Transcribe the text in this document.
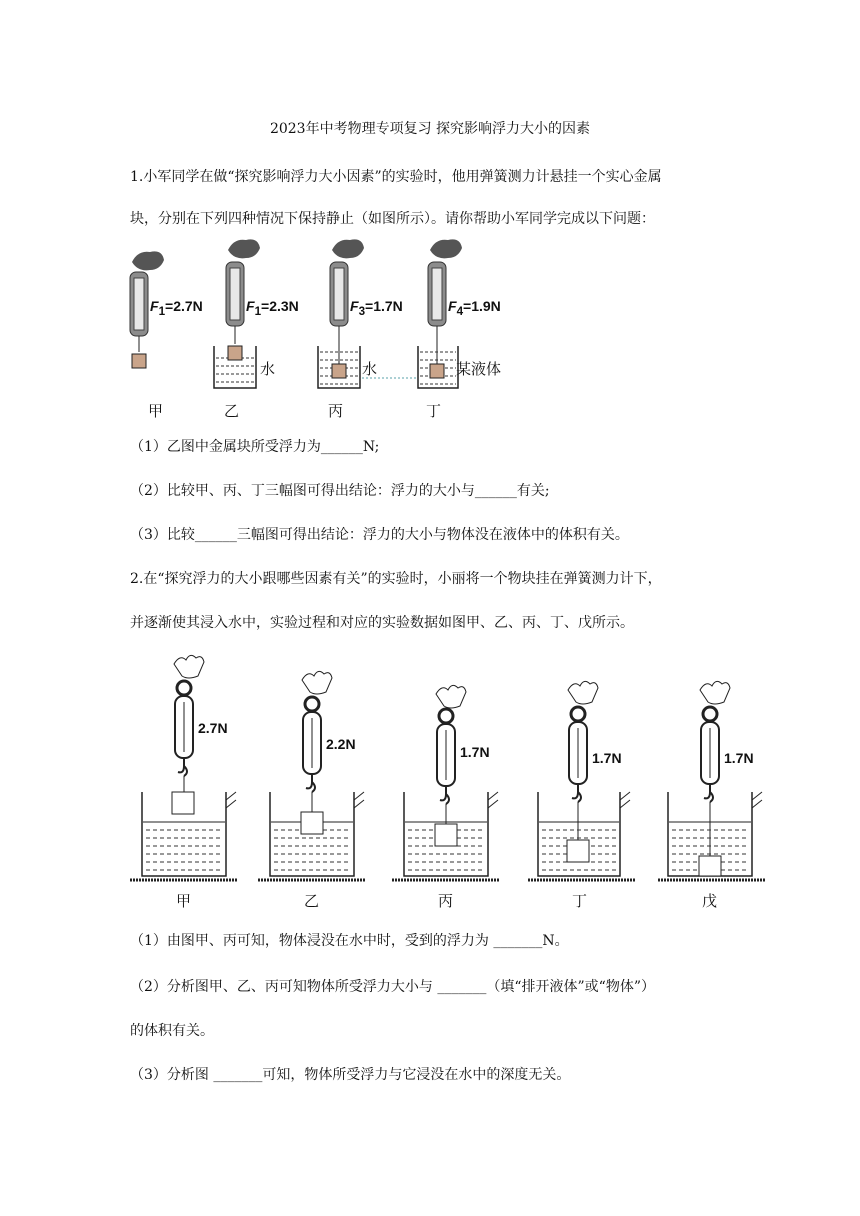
2023年中考物理专项复习 探究影响浮力大小的因素
1.小军同学在做“探究影响浮力大小因素”的实验时，他用弹簧测力计悬挂一个实心金属
块，分别在下列四种情况下保持静止（如图所示）。请你帮助小军同学完成以下问题：
$F_1=2.7N$	$F_1=2.3N$	$F_3=1.7N$	$F_4=1.9N$
水	水	某液体
甲	乙	丙	丁
（1）乙图中金属块所受浮力为______N;
（2）比较甲、丙、丁三幅图可得出结论：浮力的大小与______有关;
（3）比较______三幅图可得出结论：浮力的大小与物体没在液体中的体积有关。
2.在“探究浮力的大小跟哪些因素有关”的实验时，小丽将一个物块挂在弹簧测力计下，
并逐渐使其浸入水中，实验过程和对应的实验数据如图甲、乙、丙、丁、戊所示。
2.7N
2.2N	1.7N	1.7N	1.7N
甲	乙	丙	丁	戊
（1）由图甲、丙可知，物体浸没在水中时，受到的浮力为 _______N。
（2）分析图甲、乙、丙可知物体所受浮力大小与 _______（填“排开液体”或“物体”）
的体积有关。
（3）分析图 _______可知，物体所受浮力与它浸没在水中的深度无关。
